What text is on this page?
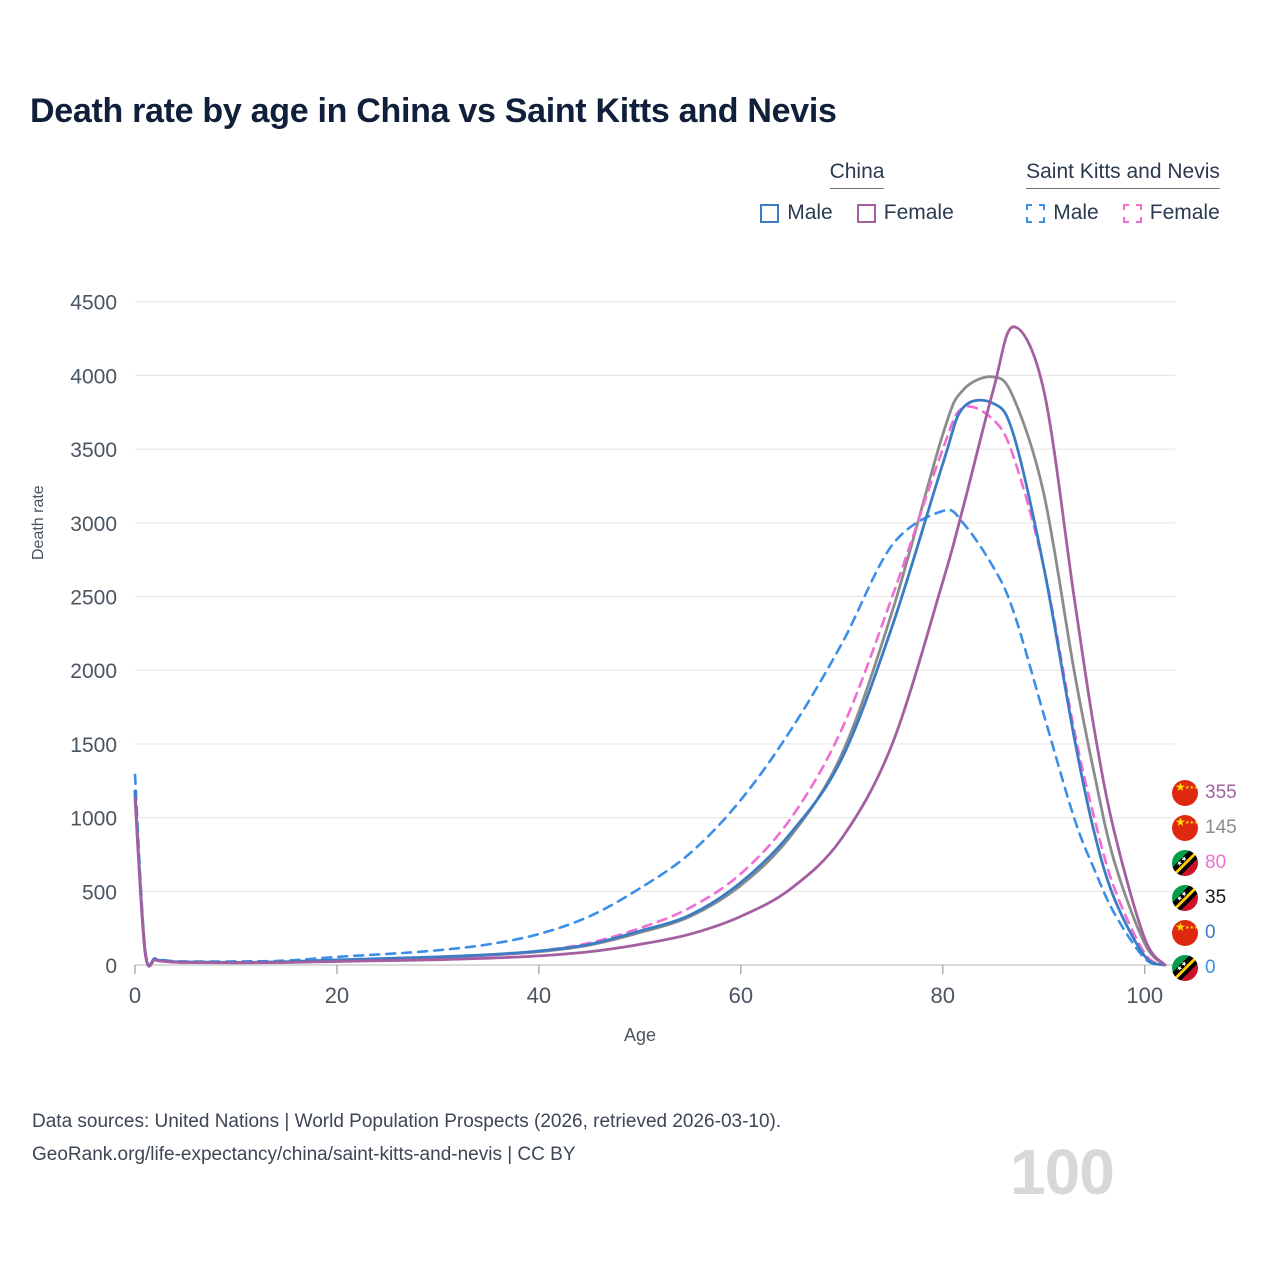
Death rate by age in China vs Saint Kitts and Nevis
China
Male Female
Saint Kitts and Nevis
Male Female
100
0
500
1000
1500
2000
2500
3000
3500
4000
4500
0	20	40	60	80	100
Death rate
Age
★ ★★★
355
★ ★★★
145
★★
80
★★
35
★ ★★★
0
★★
0
Data sources: United Nations | World Population Prospects (2026, retrieved 2026-03-10).
GeoRank.org/life-expectancy/china/saint-kitts-and-nevis | CC BY
